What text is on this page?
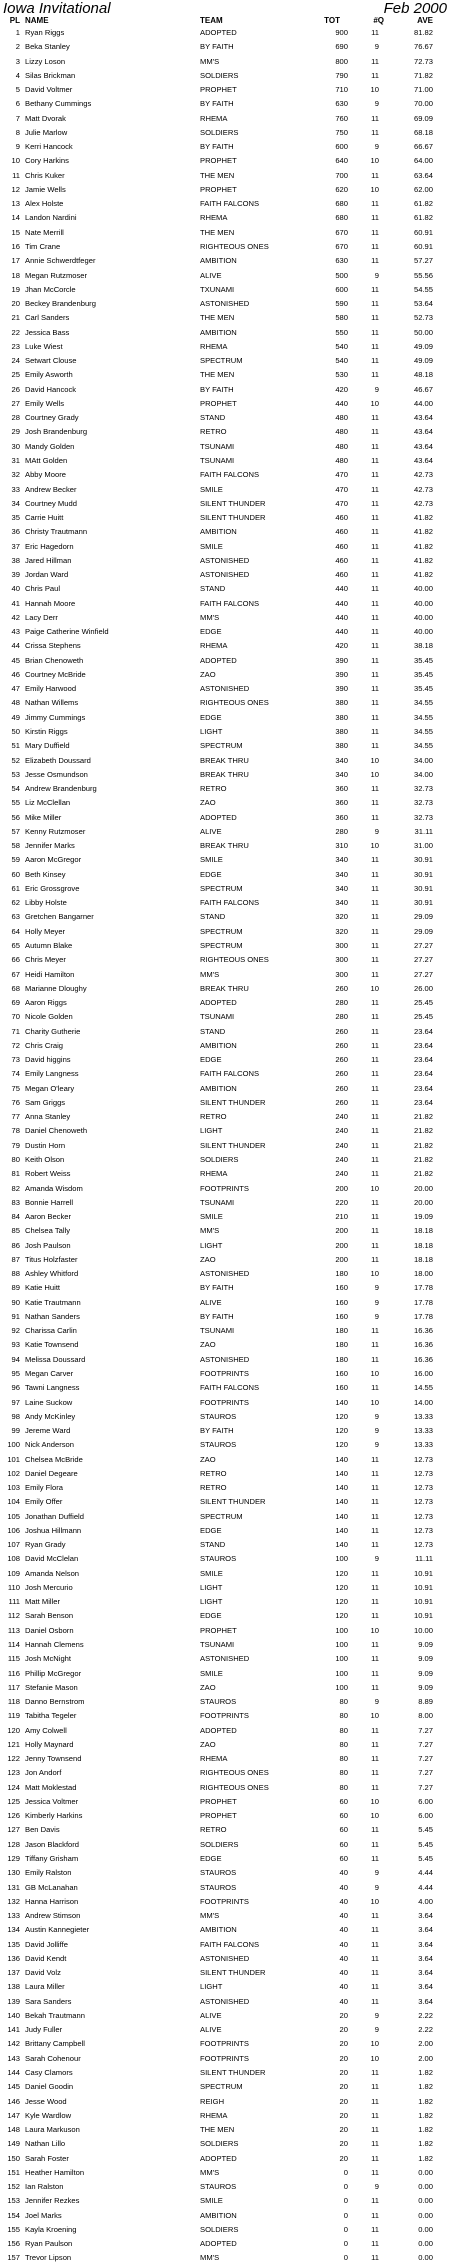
Iowa Invitational	Feb 2000
PL NAME	TEAM	TOT	#Q	AVE
1 Ryan Riggs	ADOPTED	900	11	81.82
2 Beka Stanley	BY FAITH	690	9	76.67
3 Lizzy Loson	MM'S	800	11	72.73
4 Silas Brickman	SOLDIERS	790	11	71.82
5 David Voltmer	PROPHET	710	10	71.00
6 Bethany Cummings	BY FAITH	630	9	70.00
7 Matt Dvorak	RHEMA	760	11	69.09
8 Julie Marlow	SOLDIERS	750	11	68.18
9 Kerri Hancock	BY FAITH	600	9	66.67
10 Cory Harkins	PROPHET	640	10	64.00
11 Chris Kuker	THE MEN	700	11	63.64
12 Jamie Wells	PROPHET	620	10	62.00
13 Alex Holste	FAITH FALCONS	680	11	61.82
14 Landon Nardini	RHEMA	680	11	61.82
15 Nate Merrill	THE MEN	670	11	60.91
16 Tim Crane	RIGHTEOUS ONES	670	11	60.91
17 Annie Schwerdtfeger	AMBITION	630	11	57.27
18 Megan Rutzmoser	ALIVE	500	9	55.56
19 Jhan McCorcle	TXUNAMI	600	11	54.55
20 Beckey Brandenburg	ASTONISHED	590	11	53.64
21 Carl Sanders	THE MEN	580	11	52.73
22 Jessica Bass	AMBITION	550	11	50.00
23 Luke Wiest	RHEMA	540	11	49.09
24 Setwart Clouse	SPECTRUM	540	11	49.09
25 Emily Asworth	THE MEN	530	11	48.18
26 David Hancock	BY FAITH	420	9	46.67
27 Emily Wells	PROPHET	440	10	44.00
28 Courtney Grady	STAND	480	11	43.64
29 Josh Brandenburg	RETRO	480	11	43.64
30 Mandy Golden	TSUNAMI	480	11	43.64
31 MAtt Golden	TSUNAMI	480	11	43.64
32 Abby Moore	FAITH FALCONS	470	11	42.73
33 Andrew Becker	SMILE	470	11	42.73
34 Courtney Mudd	SILENT THUNDER	470	11	42.73
35 Carrie Huitt	SILENT THUNDER	460	11	41.82
36 Christy Trautmann	AMBITION	460	11	41.82
37 Eric Hagedorn	SMILE	460	11	41.82
38 Jared Hillman	ASTONISHED	460	11	41.82
39 Jordan Ward	ASTONISHED	460	11	41.82
40 Chris Paul	STAND	440	11	40.00
41 Hannah Moore	FAITH FALCONS	440	11	40.00
42 Lacy Derr	MM'S	440	11	40.00
43 Paige Catherine Winfield	EDGE	440	11	40.00
44 Crissa Stephens	RHEMA	420	11	38.18
45 Brian Chenoweth	ADOPTED	390	11	35.45
46 Courtney McBride	ZAO	390	11	35.45
47 Emily Harwood	ASTONISHED	390	11	35.45
48 Nathan Willems	RIGHTEOUS ONES	380	11	34.55
49 Jimmy Cummings	EDGE	380	11	34.55
50 Kirstin Riggs	LIGHT	380	11	34.55
51 Mary Duffield	SPECTRUM	380	11	34.55
52 Elizabeth Doussard	BREAK THRU	340	10	34.00
53 Jesse Osmundson	BREAK THRU	340	10	34.00
54 Andrew Brandenburg	RETRO	360	11	32.73
55 Liz McClellan	ZAO	360	11	32.73
56 Mike Miller	ADOPTED	360	11	32.73
57 Kenny Rutzmoser	ALIVE	280	9	31.11
58 Jennifer Marks	BREAK THRU	310	10	31.00
59 Aaron McGregor	SMILE	340	11	30.91
60 Beth Kinsey	EDGE	340	11	30.91
61 Eric Grossgrove	SPECTRUM	340	11	30.91
62 Libby Holste	FAITH FALCONS	340	11	30.91
63 Gretchen Bangarner	STAND	320	11	29.09
64 Holly Meyer	SPECTRUM	320	11	29.09
65 Autumn Blake	SPECTRUM	300	11	27.27
66 Chris Meyer	RIGHTEOUS ONES	300	11	27.27
67 Heidi Hamilton	MM'S	300	11	27.27
68 Marianne Dloughy	BREAK THRU	260	10	26.00
69 Aaron Riggs	ADOPTED	280	11	25.45
70 Nicole Golden	TSUNAMI	280	11	25.45
71 Charity Gutherie	STAND	260	11	23.64
72 Chris Craig	AMBITION	260	11	23.64
73 David higgins	EDGE	260	11	23.64
74 Emily Langness	FAITH FALCONS	260	11	23.64
75 Megan O'leary	AMBITION	260	11	23.64
76 Sam Griggs	SILENT THUNDER	260	11	23.64
77 Anna Stanley	RETRO	240	11	21.82
78 Daniel Chenoweth	LIGHT	240	11	21.82
79 Dustin Horn	SILENT THUNDER	240	11	21.82
80 Keith Olson	SOLDIERS	240	11	21.82
81 Robert Weiss	RHEMA	240	11	21.82
82 Amanda Wisdom	FOOTPRINTS	200	10	20.00
83 Bonnie Harrell	TSUNAMI	220	11	20.00
84 Aaron Becker	SMILE	210	11	19.09
85 Chelsea Tally	MM'S	200	11	18.18
86 Josh Paulson	LIGHT	200	11	18.18
87 Titus Holzfaster	ZAO	200	11	18.18
88 Ashley Whitford	ASTONISHED	180	10	18.00
89 Katie Huitt	BY FAITH	160	9	17.78
90 Katie Trautmann	ALIVE	160	9	17.78
91 Nathan Sanders	BY FAITH	160	9	17.78
92 Charissa Carlin	TSUNAMI	180	11	16.36
93 Katie Townsend	ZAO	180	11	16.36
94 Melissa Doussard	ASTONISHED	180	11	16.36
95 Megan Carver	FOOTPRINTS	160	10	16.00
96 Tawni Langness	FAITH FALCONS	160	11	14.55
97 Laine Suckow	FOOTPRINTS	140	10	14.00
98 Andy McKinley	STAUROS	120	9	13.33
99 Jereme Ward	BY FAITH	120	9	13.33
100 Nick Anderson	STAUROS	120	9	13.33
101 Chelsea McBride	ZAO	140	11	12.73
102 Daniel Degeare	RETRO	140	11	12.73
103 Emily Flora	RETRO	140	11	12.73
104 Emily Offer	SILENT THUNDER	140	11	12.73
105 Jonathan Duffield	SPECTRUM	140	11	12.73
106 Joshua Hillmann	EDGE	140	11	12.73
107 Ryan Grady	STAND	140	11	12.73
108 David McClelan	STAUROS	100	9	11.11
109 Amanda Nelson	SMILE	120	11	10.91
110 Josh Mercurio	LIGHT	120	11	10.91
111 Matt Miller	LIGHT	120	11	10.91
112 Sarah Benson	EDGE	120	11	10.91
113 Daniel Osborn	PROPHET	100	10	10.00
114 Hannah Clemens	TSUNAMI	100	11	9.09
115 Josh McNight	ASTONISHED	100	11	9.09
116 Phillip McGregor	SMILE	100	11	9.09
117 Stefanie Mason	ZAO	100	11	9.09
118 Danno Bernstrom	STAUROS	80	9	8.89
119 Tabitha Tegeler	FOOTPRINTS	80	10	8.00
120 Amy Colwell	ADOPTED	80	11	7.27
121 Holly Maynard	ZAO	80	11	7.27
122 Jenny Townsend	RHEMA	80	11	7.27
123 Jon Andorf	RIGHTEOUS ONES	80	11	7.27
124 Matt Moklestad	RIGHTEOUS ONES	80	11	7.27
125 Jessica Voltmer	PROPHET	60	10	6.00
126 Kimberly Harkins	PROPHET	60	10	6.00
127 Ben Davis	RETRO	60	11	5.45
128 Jason Blackford	SOLDIERS	60	11	5.45
129 Tiffany Grisham	EDGE	60	11	5.45
130 Emily Ralston	STAUROS	40	9	4.44
131 GB McLanahan	STAUROS	40	9	4.44
132 Hanna Harrison	FOOTPRINTS	40	10	4.00
133 Andrew Stimson	MM'S	40	11	3.64
134 Austin Kannegieter	AMBITION	40	11	3.64
135 David Jolliffe	FAITH FALCONS	40	11	3.64
136 David Kendt	ASTONISHED	40	11	3.64
137 David Volz	SILENT THUNDER	40	11	3.64
138 Laura Miller	LIGHT	40	11	3.64
139 Sara Sanders	ASTONISHED	40	11	3.64
140 Bekah Trautmann	ALIVE	20	9	2.22
141 Judy Fuller	ALIVE	20	9	2.22
142 Brittany Campbell	FOOTPRINTS	20	10	2.00
143 Sarah Cohenour	FOOTPRINTS	20	10	2.00
144 Casy Clamors	SILENT THUNDER	20	11	1.82
145 Daniel Goodin	SPECTRUM	20	11	1.82
146 Jesse Wood	REIGH	20	11	1.82
147 Kyle Wardlow	RHEMA	20	11	1.82
148 Laura Markuson	THE MEN	20	11	1.82
149 Nathan Lillo	SOLDIERS	20	11	1.82
150 Sarah Foster	ADOPTED	20	11	1.82
151 Heather Hamilton	MM'S	0	11	0.00
152 Ian Ralston	STAUROS	0	9	0.00
153 Jennifer Rezkes	SMILE	0	11	0.00
154 Joel Marks	AMBITION	0	11	0.00
155 Kayla Kroening	SOLDIERS	0	11	0.00
156 Ryan Paulson	ADOPTED	0	11	0.00
157 Trevor Lipson	MM'S	0	11	0.00
